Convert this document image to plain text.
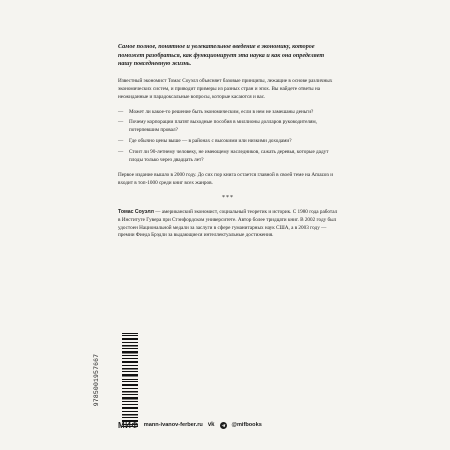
Самое полное, понятное и увлекательное введение в экономику, которое поможет разобраться, как функционирует эта наука и как она определяет нашу повседневную жизнь.

Известный экономист Томас Соуэлл объясняет базовые принципы, лежащие в основе различных экономических систем, и приводит примеры из разных стран и эпох. Вы найдете ответы на неожиданные и парадоксальные вопросы, которые касаются и вас.

— Может ли какое-то решение быть экономическим, если в нем не замешаны деньги?
— Почему корпорации платят выходные пособия в миллионы долларов руководителям, потерпевшим провал?
— Где обычно цены выше — в районах с высокими или низкими доходами?
— Стоит ли 90-летнему человеку, не имеющему наследников, сажать деревья, которые дадут плоды только через двадцать лет?

Первое издание вышло в 2000 году. До сих пор книга остается главной в своей теме на Amazon и входит в топ-1000 среди книг всех жанров.

***

Томас Соуэлл — американский экономист, социальный теоретик и историк. С 1980 года работал в Институте Гувера при Стэнфордском университете. Автор более тридцати книг. В 2002 году был удостоен Национальной медали за заслуги в сфере гуманитарных наук США, а в 2003 году — премии Фиеда Брэдли за выдающиеся интеллектуальные достижения.

9785001957667
МИФ mann-ivanov-ferber.ru vk	@mifbooks
